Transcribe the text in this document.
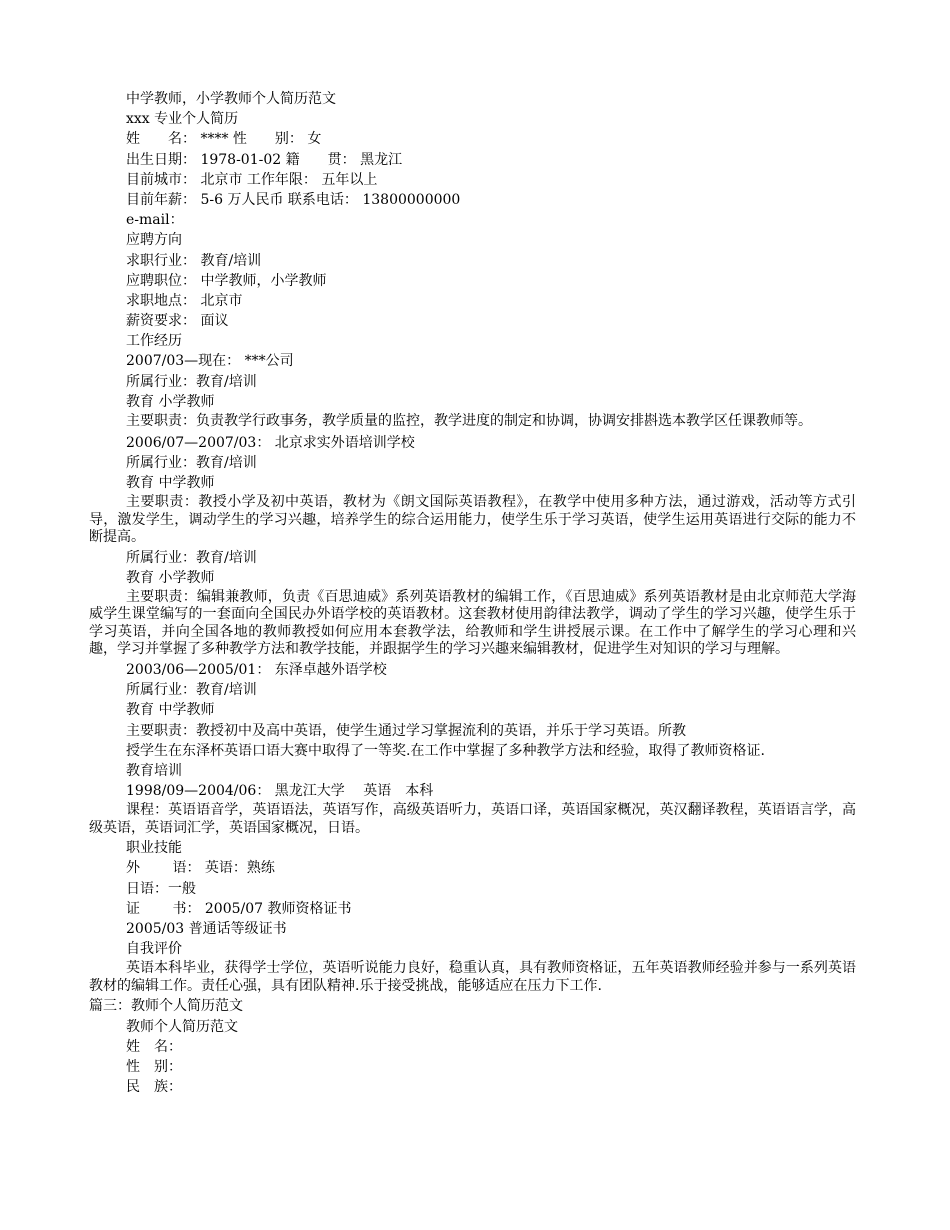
中学教师，小学教师个人简历范文

xxx 专业个人简历

姓　　名： **** 性　　别： 女

出生日期： 1978-01-02 籍　　贯： 黑龙江

目前城市： 北京市 工作年限： 五年以上

目前年薪： 5-6 万人民币 联系电话： 13800000000

e-mail：

应聘方向

求职行业： 教育/培训

应聘职位： 中学教师，小学教师

求职地点： 北京市

薪资要求： 面议

工作经历

2007/03—现在： ***公司

所属行业：教育/培训

教育 小学教师

主要职责：负责教学行政事务，教学质量的监控，教学进度的制定和协调，协调安排斟选本教学区任课教师等。

2006/07—2007/03： 北京求实外语培训学校

所属行业：教育/培训

教育 中学教师

主要职责：教授小学及初中英语，教材为《朗文国际英语教程》，在教学中使用多种方法，通过游戏，活动等方式引导，激发学生，调动学生的学习兴趣，培养学生的综合运用能力，使学生乐于学习英语，使学生运用英语进行交际的能力不断提高。

所属行业：教育/培训

教育 小学教师

主要职责：编辑兼教师，负责《百思迪威》系列英语教材的编辑工作，《百思迪威》系列英语教材是由北京师范大学海威学生课堂编写的一套面向全国民办外语学校的英语教材。这套教材使用韵律法教学，调动了学生的学习兴趣，使学生乐于学习英语，并向全国各地的教师教授如何应用本套教学法，给教师和学生讲授展示课。在工作中了解学生的学习心理和兴趣，学习并掌握了多种教学方法和教学技能，并跟据学生的学习兴趣来编辑教材，促进学生对知识的学习与理解。

2003/06—2005/01： 东泽卓越外语学校

所属行业：教育/培训

教育 中学教师

主要职责：教授初中及高中英语，使学生通过学习掌握流利的英语，并乐于学习英语。所教

授学生在东泽杯英语口语大赛中取得了一等奖.在工作中掌握了多种教学方法和经验，取得了教师资格证.

教育培训

1998/09—2004/06： 黑龙江大学　 英语　本科

课程：英语语音学，英语语法，英语写作，高级英语听力，英语口译，英语国家概况，英汉翻译教程，英语语言学，高级英语，英语词汇学，英语国家概况，日语。

职业技能

外　　 语： 英语：熟练

日语：一般

证　　 书： 2005/07 教师资格证书

2005/03 普通话等级证书

自我评价

英语本科毕业，获得学士学位，英语听说能力良好，稳重认真，具有教师资格证，五年英语教师经验并参与一系列英语教材的编辑工作。责任心强，具有团队精神.乐于接受挑战，能够适应在压力下工作.

篇三：教师个人简历范文

教师个人简历范文

姓　名：

性　别：

民　族：
